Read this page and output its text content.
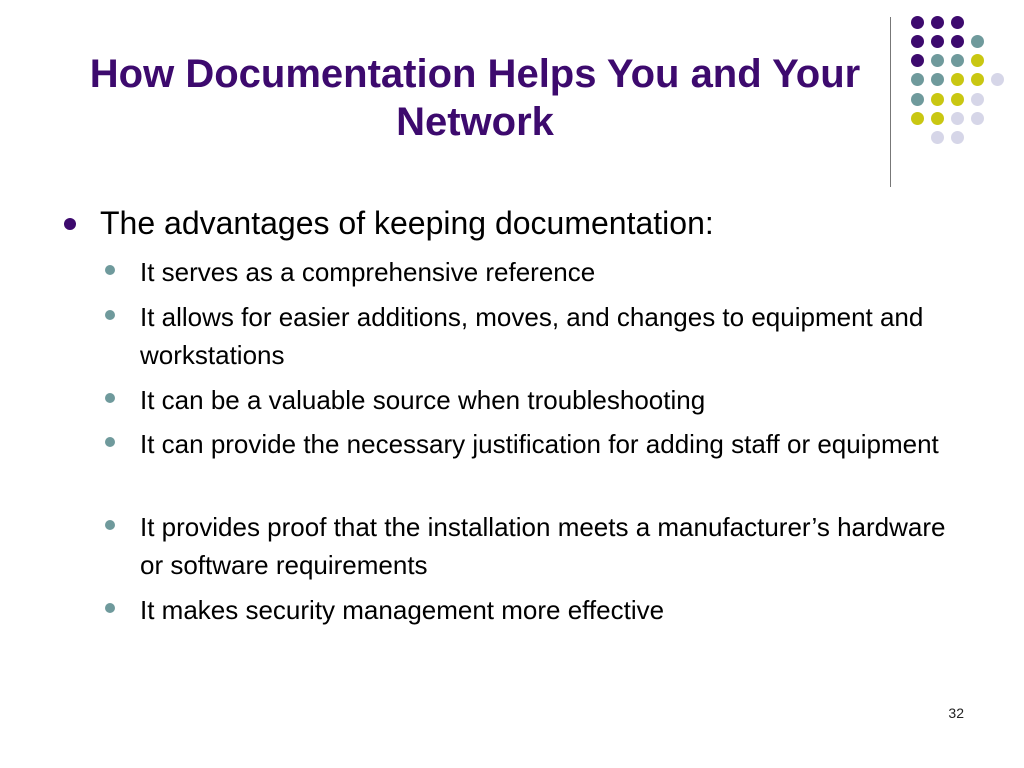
How Documentation Helps You and Your Network
The advantages of keeping documentation:
It serves as a comprehensive reference
It allows for easier additions, moves, and changes to equipment and workstations
It can be a valuable source when troubleshooting
It can provide the necessary justification for adding staff or equipment
It provides proof that the installation meets a manufacturer’s hardware or software requirements
It makes security management more effective
32
